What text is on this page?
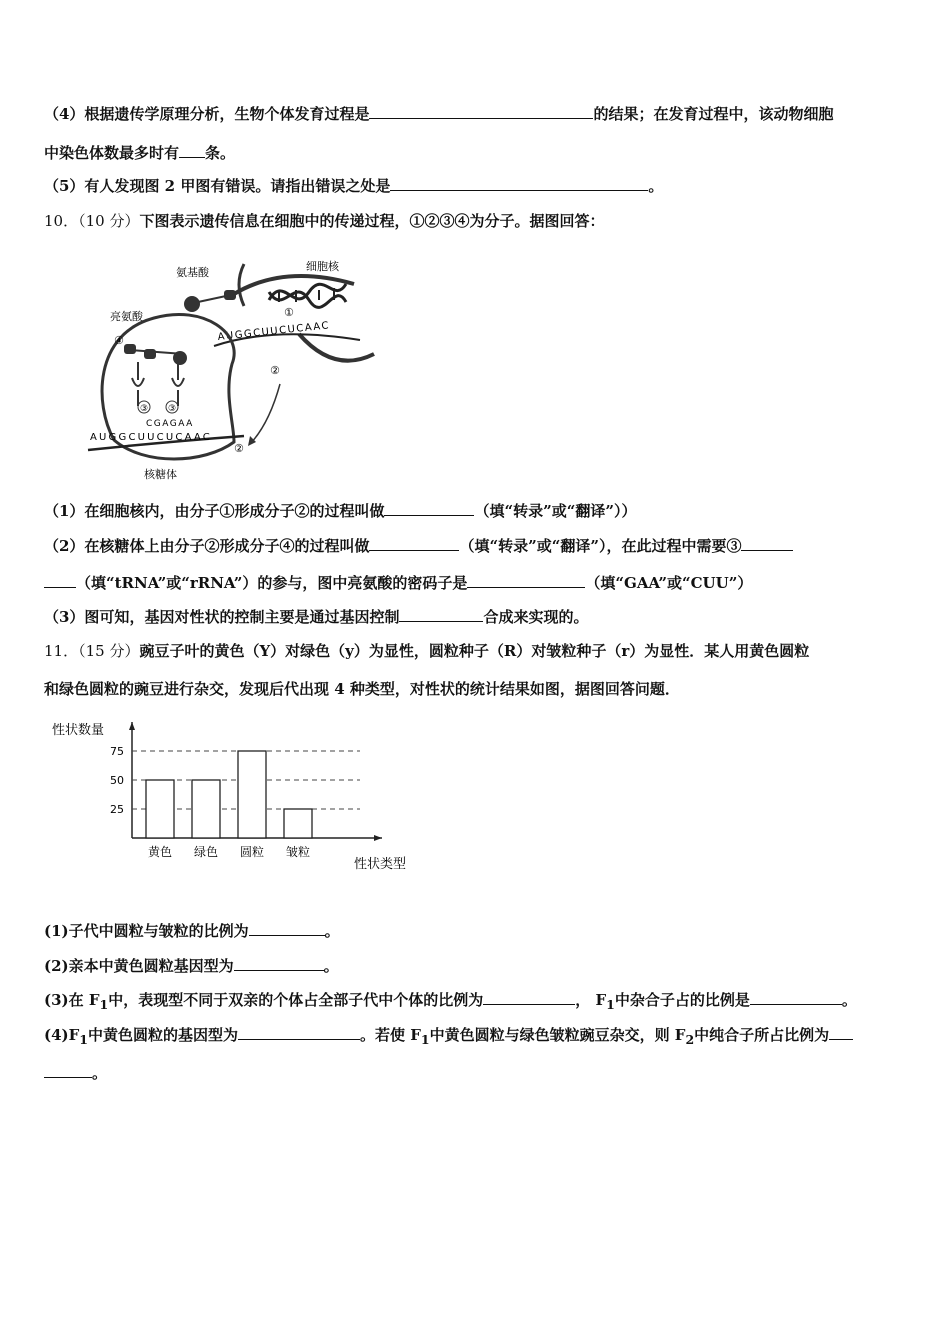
（4）根据遗传学原理分析，生物个体发育过程是	的结果；在发育过程中，该动物细胞
中染色体数最多时有 条。
（5）有人发现图 2 甲图有错误。请指出错误之处是	。
10．（10 分）下图表示遗传信息在细胞中的传递过程，①②③④为分子。据图回答：
细胞核
①
氨基酸
AUGGCUUCUCAAC
②
亮氨酸
④
③ ③
CGAGAA
AUGGCUUCUCAAC
②
核糖体
（1）在细胞核内，由分子①形成分子②的过程叫做	（填“转录”或“翻译”））
（2）在核糖体上由分子②形成分子④的过程叫做	（填“转录”或“翻译”），在此过程中需要③
（填“tRNA”或“rRNA”）的参与，图中亮氨酸的密码子是	（填“GAA”或“CUU”）
（3）图可知，基因对性状的控制主要是通过基因控制	合成来实现的。
11．（15 分）豌豆子叶的黄色（Y）对绿色（y）为显性，圆粒种子（R）对皱粒种子（r）为显性．某人用黄色圆粒
和绿色圆粒的豌豆进行杂交，发现后代出现 4 种类型，对性状的统计结果如图，据图回答问题．
性状数量
性状类型
25
50
75
黄色 绿色 圆粒 皱粒
(1)子代中圆粒与皱粒的比例为	。
(2)亲本中黄色圆粒基因型为	。
(3)在 $F_1$中，表现型不同于双亲的个体占全部子代中个体的比例为	， $F_1$中杂合子占的比例是	。
$(4)F_1$中黄色圆粒的基因型为	。若使 $F_1$中黄色圆粒与绿色皱粒豌豆杂交，则 $F_2$中纯合子所占比例为
。
